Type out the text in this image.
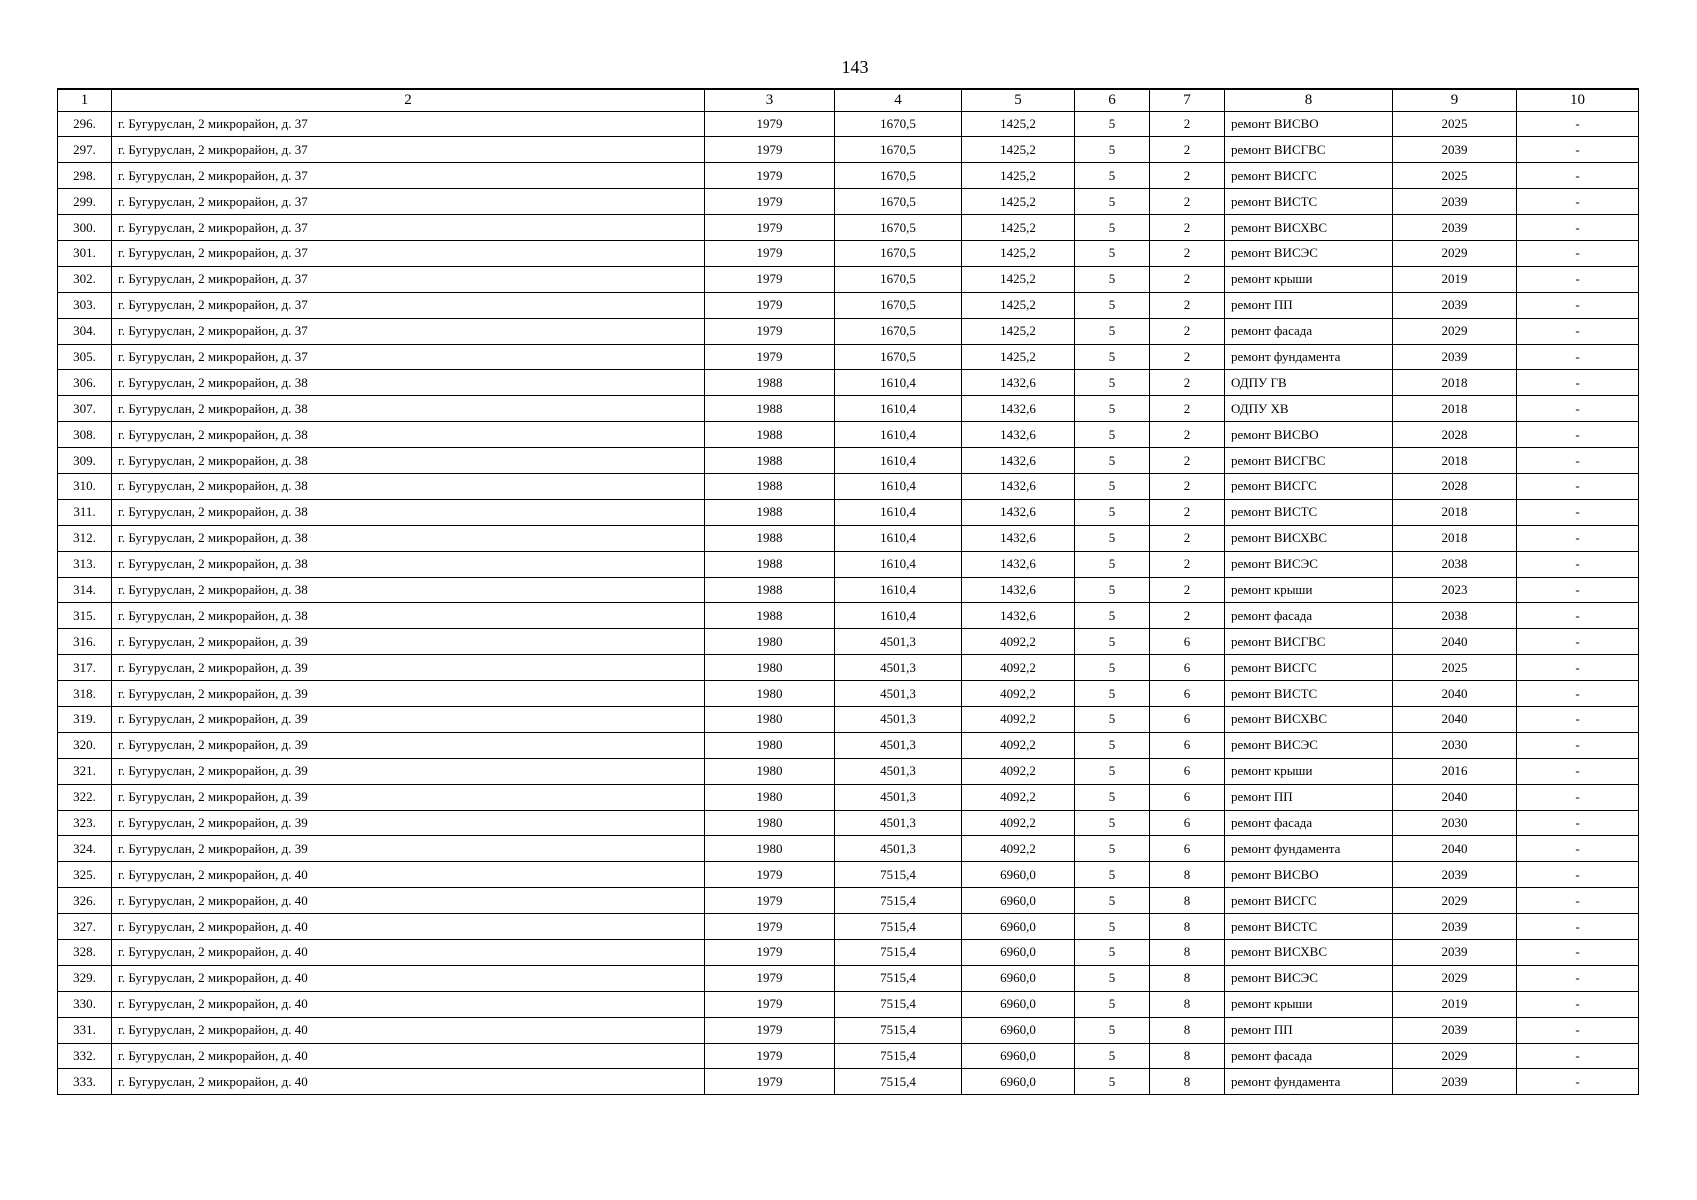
143
1	2	3	4	5	6	7	8	9	10
296.	г. Бугуруслан, 2 микрорайон, д. 37	1979	1670,5	1425,2	5	2	ремонт ВИСВО	2025	-
297.	г. Бугуруслан, 2 микрорайон, д. 37	1979	1670,5	1425,2	5	2	ремонт ВИСГВС	2039	-
298.	г. Бугуруслан, 2 микрорайон, д. 37	1979	1670,5	1425,2	5	2	ремонт ВИСГС	2025	-
299.	г. Бугуруслан, 2 микрорайон, д. 37	1979	1670,5	1425,2	5	2	ремонт ВИСТС	2039	-
300.	г. Бугуруслан, 2 микрорайон, д. 37	1979	1670,5	1425,2	5	2	ремонт ВИСХВС	2039	-
301.	г. Бугуруслан, 2 микрорайон, д. 37	1979	1670,5	1425,2	5	2	ремонт ВИСЭС	2029	-
302.	г. Бугуруслан, 2 микрорайон, д. 37	1979	1670,5	1425,2	5	2	ремонт крыши	2019	-
303.	г. Бугуруслан, 2 микрорайон, д. 37	1979	1670,5	1425,2	5	2	ремонт ПП	2039	-
304.	г. Бугуруслан, 2 микрорайон, д. 37	1979	1670,5	1425,2	5	2	ремонт фасада	2029	-
305.	г. Бугуруслан, 2 микрорайон, д. 37	1979	1670,5	1425,2	5	2	ремонт фундамента	2039	-
306.	г. Бугуруслан, 2 микрорайон, д. 38	1988	1610,4	1432,6	5	2	ОДПУ ГВ	2018	-
307.	г. Бугуруслан, 2 микрорайон, д. 38	1988	1610,4	1432,6	5	2	ОДПУ ХВ	2018	-
308.	г. Бугуруслан, 2 микрорайон, д. 38	1988	1610,4	1432,6	5	2	ремонт ВИСВО	2028	-
309.	г. Бугуруслан, 2 микрорайон, д. 38	1988	1610,4	1432,6	5	2	ремонт ВИСГВС	2018	-
310.	г. Бугуруслан, 2 микрорайон, д. 38	1988	1610,4	1432,6	5	2	ремонт ВИСГС	2028	-
311.	г. Бугуруслан, 2 микрорайон, д. 38	1988	1610,4	1432,6	5	2	ремонт ВИСТС	2018	-
312.	г. Бугуруслан, 2 микрорайон, д. 38	1988	1610,4	1432,6	5	2	ремонт ВИСХВС	2018	-
313.	г. Бугуруслан, 2 микрорайон, д. 38	1988	1610,4	1432,6	5	2	ремонт ВИСЭС	2038	-
314.	г. Бугуруслан, 2 микрорайон, д. 38	1988	1610,4	1432,6	5	2	ремонт крыши	2023	-
315.	г. Бугуруслан, 2 микрорайон, д. 38	1988	1610,4	1432,6	5	2	ремонт фасада	2038	-
316.	г. Бугуруслан, 2 микрорайон, д. 39	1980	4501,3	4092,2	5	6	ремонт ВИСГВС	2040	-
317.	г. Бугуруслан, 2 микрорайон, д. 39	1980	4501,3	4092,2	5	6	ремонт ВИСГС	2025	-
318.	г. Бугуруслан, 2 микрорайон, д. 39	1980	4501,3	4092,2	5	6	ремонт ВИСТС	2040	-
319.	г. Бугуруслан, 2 микрорайон, д. 39	1980	4501,3	4092,2	5	6	ремонт ВИСХВС	2040	-
320.	г. Бугуруслан, 2 микрорайон, д. 39	1980	4501,3	4092,2	5	6	ремонт ВИСЭС	2030	-
321.	г. Бугуруслан, 2 микрорайон, д. 39	1980	4501,3	4092,2	5	6	ремонт крыши	2016	-
322.	г. Бугуруслан, 2 микрорайон, д. 39	1980	4501,3	4092,2	5	6	ремонт ПП	2040	-
323.	г. Бугуруслан, 2 микрорайон, д. 39	1980	4501,3	4092,2	5	6	ремонт фасада	2030	-
324.	г. Бугуруслан, 2 микрорайон, д. 39	1980	4501,3	4092,2	5	6	ремонт фундамента	2040	-
325.	г. Бугуруслан, 2 микрорайон, д. 40	1979	7515,4	6960,0	5	8	ремонт ВИСВО	2039	-
326.	г. Бугуруслан, 2 микрорайон, д. 40	1979	7515,4	6960,0	5	8	ремонт ВИСГС	2029	-
327.	г. Бугуруслан, 2 микрорайон, д. 40	1979	7515,4	6960,0	5	8	ремонт ВИСТС	2039	-
328.	г. Бугуруслан, 2 микрорайон, д. 40	1979	7515,4	6960,0	5	8	ремонт ВИСХВС	2039	-
329.	г. Бугуруслан, 2 микрорайон, д. 40	1979	7515,4	6960,0	5	8	ремонт ВИСЭС	2029	-
330.	г. Бугуруслан, 2 микрорайон, д. 40	1979	7515,4	6960,0	5	8	ремонт крыши	2019	-
331.	г. Бугуруслан, 2 микрорайон, д. 40	1979	7515,4	6960,0	5	8	ремонт ПП	2039	-
332.	г. Бугуруслан, 2 микрорайон, д. 40	1979	7515,4	6960,0	5	8	ремонт фасада	2029	-
333.	г. Бугуруслан, 2 микрорайон, д. 40	1979	7515,4	6960,0	5	8	ремонт фундамента	2039	-
